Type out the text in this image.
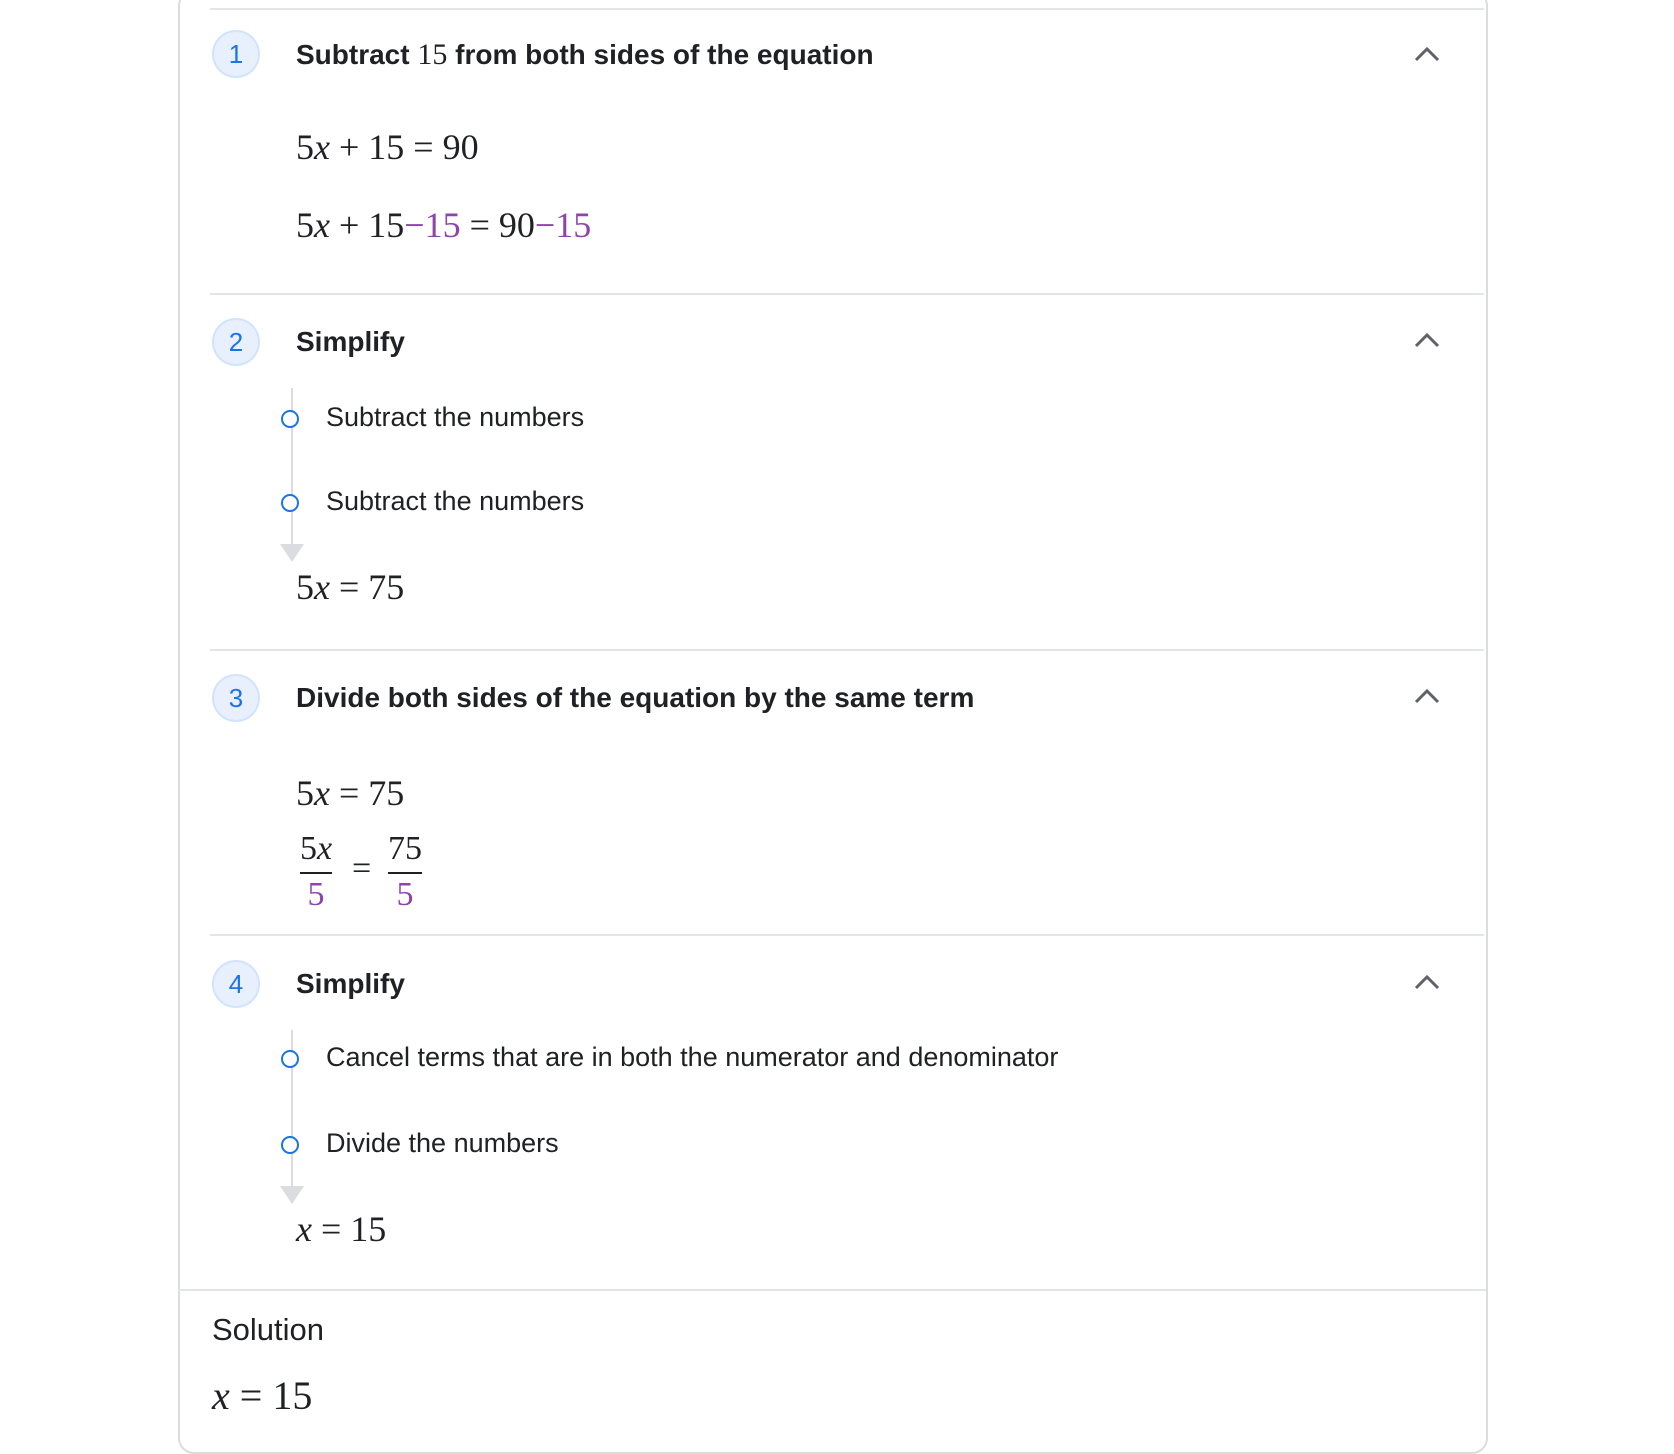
1	Subtract 15 from both sides of the equation
5x + 15 = 90
5x + 15−15 = 90−15
2	Simplify
Subtract the numbers
Subtract the numbers
5x = 75
3	Divide both sides of the equation by the same term
5x = 75
5x
5
=
75
5
4	Simplify
Cancel terms that are in both the numerator and denominator
Divide the numbers
x = 15
Solution
x = 15
